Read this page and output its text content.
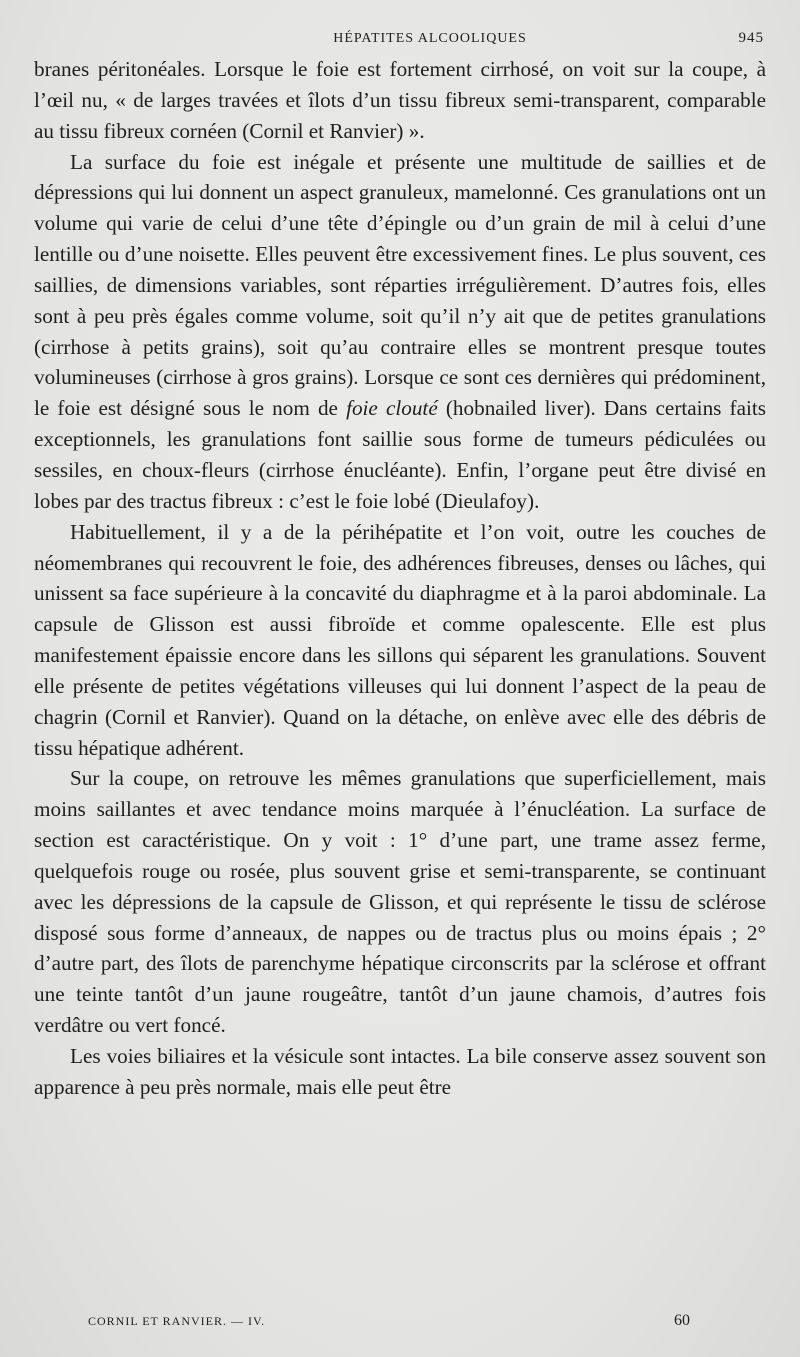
HÉPATITES ALCOOLIQUES	945

branes péritonéales. Lorsque le foie est fortement cirrhosé, on voit sur la coupe, à l’œil nu, « de larges travées et îlots d’un tissu fibreux semi-transparent, comparable au tissu fibreux cornéen (Cornil et Ranvier) ».

La surface du foie est inégale et présente une multitude de saillies et de dépressions qui lui donnent un aspect granuleux, mamelonné. Ces granulations ont un volume qui varie de celui d’une tête d’épingle ou d’un grain de mil à celui d’une lentille ou d’une noisette. Elles peuvent être excessivement fines. Le plus souvent, ces saillies, de dimensions variables, sont réparties irrégulièrement. D’autres fois, elles sont à peu près égales comme volume, soit qu’il n’y ait que de petites granulations (cirrhose à petits grains), soit qu’au contraire elles se montrent presque toutes volumineuses (cirrhose à gros grains). Lorsque ce sont ces dernières qui prédominent, le foie est désigné sous le nom de foie clouté (hobnailed liver). Dans certains faits exceptionnels, les granulations font saillie sous forme de tumeurs pédiculées ou sessiles, en choux-fleurs (cirrhose énucléante). Enfin, l’organe peut être divisé en lobes par des tractus fibreux : c’est le foie lobé (Dieulafoy).

Habituellement, il y a de la périhépatite et l’on voit, outre les couches de néomembranes qui recouvrent le foie, des adhérences fibreuses, denses ou lâches, qui unissent sa face supérieure à la concavité du diaphragme et à la paroi abdominale. La capsule de Glisson est aussi fibroïde et comme opalescente. Elle est plus manifestement épaissie encore dans les sillons qui séparent les granulations. Souvent elle présente de petites végétations villeuses qui lui donnent l’aspect de la peau de chagrin (Cornil et Ranvier). Quand on la détache, on enlève avec elle des débris de tissu hépatique adhérent.

Sur la coupe, on retrouve les mêmes granulations que superficiellement, mais moins saillantes et avec tendance moins marquée à l’énucléation. La surface de section est caractéristique. On y voit : 1° d’une part, une trame assez ferme, quelquefois rouge ou rosée, plus souvent grise et semi-transparente, se continuant avec les dépressions de la capsule de Glisson, et qui représente le tissu de sclérose disposé sous forme d’anneaux, de nappes ou de tractus plus ou moins épais ; 2° d’autre part, des îlots de parenchyme hépatique circonscrits par la sclérose et offrant une teinte tantôt d’un jaune rougeâtre, tantôt d’un jaune chamois, d’autres fois verdâtre ou vert foncé.

Les voies biliaires et la vésicule sont intactes. La bile conserve assez souvent son apparence à peu près normale, mais elle peut être

CORNIL ET RANVIER. — IV.	60
